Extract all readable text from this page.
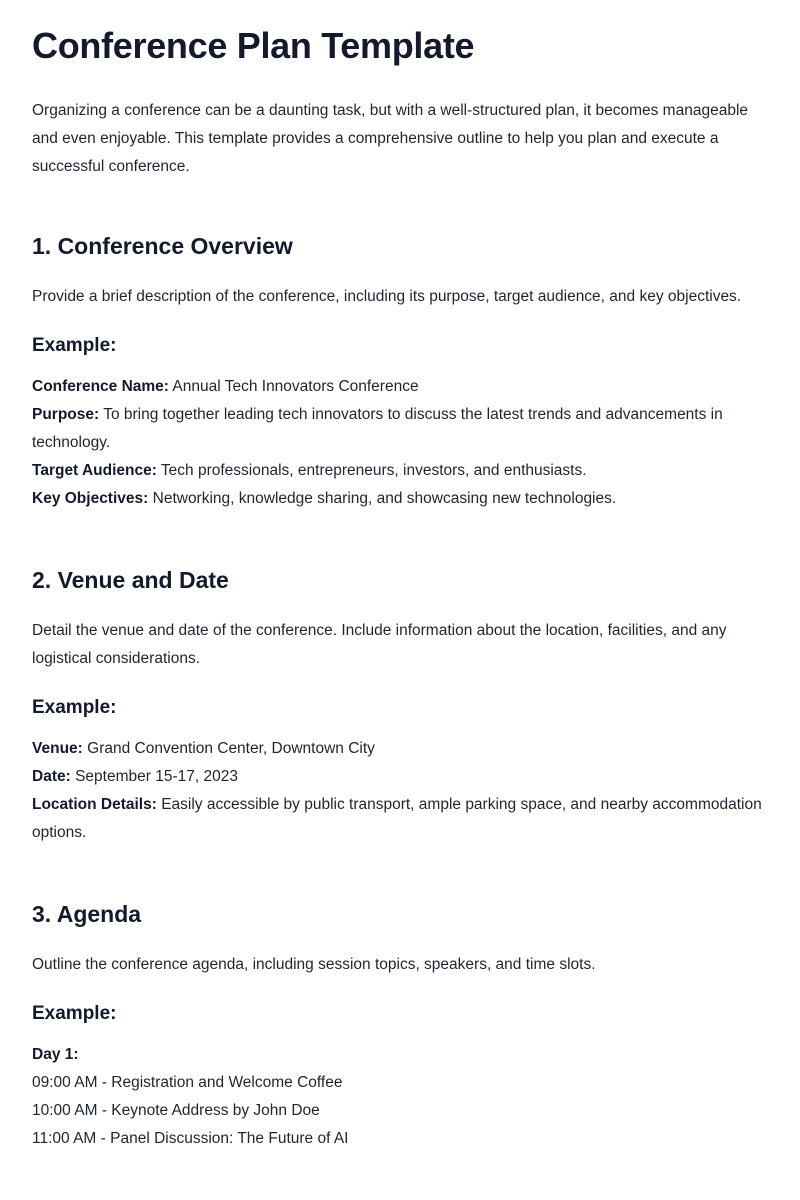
Conference Plan Template

Organizing a conference can be a daunting task, but with a well-structured plan, it becomes manageable and even enjoyable. This template provides a comprehensive outline to help you plan and execute a successful conference.

1. Conference Overview

Provide a brief description of the conference, including its purpose, target audience, and key objectives.

Example:

Conference Name: Annual Tech Innovators Conference

Purpose: To bring together leading tech innovators to discuss the latest trends and advancements in technology.

Target Audience: Tech professionals, entrepreneurs, investors, and enthusiasts.

Key Objectives: Networking, knowledge sharing, and showcasing new technologies.

2. Venue and Date

Detail the venue and date of the conference. Include information about the location, facilities, and any logistical considerations.

Example:

Venue: Grand Convention Center, Downtown City

Date: September 15-17, 2023

Location Details: Easily accessible by public transport, ample parking space, and nearby accommodation options.

3. Agenda

Outline the conference agenda, including session topics, speakers, and time slots.

Example:

Day 1:

09:00 AM - Registration and Welcome Coffee

10:00 AM - Keynote Address by John Doe

11:00 AM - Panel Discussion: The Future of AI
